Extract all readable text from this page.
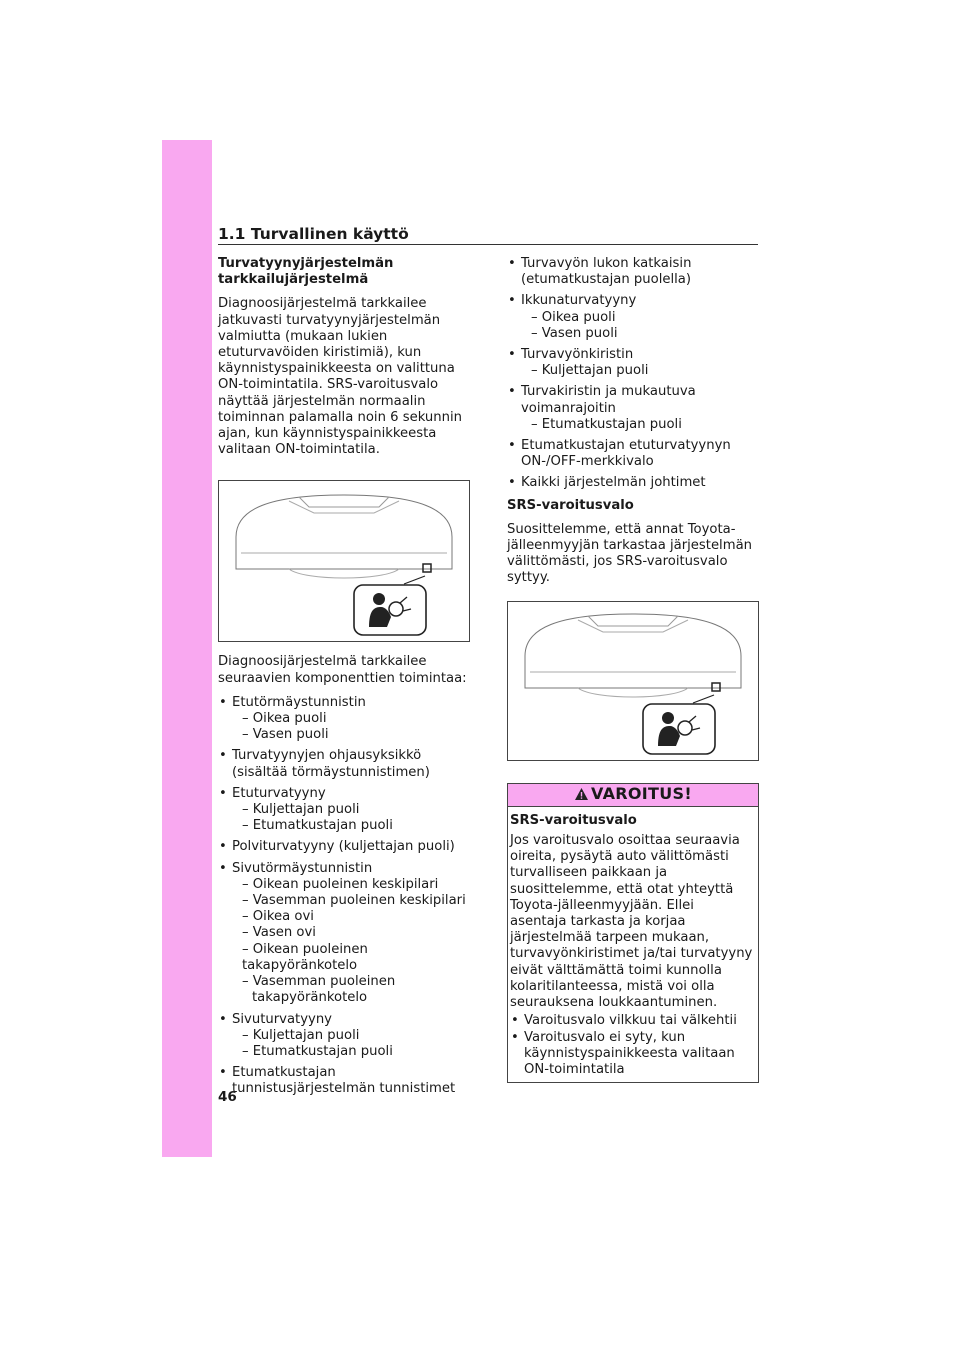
1.1 Turvallinen käyttö
Turvatyynyjärjestelmän tarkkailujärjestelmä
Diagnoosijärjestelmä tarkkailee jatkuvasti turvatyynyjärjestelmän valmiutta (mukaan lukien etuturvavöiden kiristimiä), kun käynnistyspainikkeesta on valittuna ON-toimintatila. SRS-varoitusvalo näyttää järjestelmän normaalin toiminnan palamalla noin 6 sekunnin ajan, kun käynnistyspainikkeesta valitaan ON-toimintatila.
Diagnoosijärjestelmä tarkkailee seuraavien komponenttien toimintaa:
• Etutörmäystunnistin
– Oikea puoli
– Vasen puoli
• Turvatyynyjen ohjausyksikkö (sisältää törmäystunnistimen)
• Etuturvatyyny
– Kuljettajan puoli
– Etumatkustajan puoli
• Polviturvatyyny (kuljettajan puoli)
• Sivutörmäystunnistin
– Oikean puoleinen keskipilari
– Vasemman puoleinen keskipilari
– Oikea ovi
– Vasen ovi
– Oikean puoleinen takapyöränkotelo
– Vasemman puoleinen
takapyöränkotelo
• Sivuturvatyyny
– Kuljettajan puoli
– Etumatkustajan puoli
• Etumatkustajan tunnistusjärjestelmän tunnistimet
• Turvavyön lukon katkaisin (etumatkustajan puolella)
• Ikkunaturvatyyny
– Oikea puoli
– Vasen puoli
• Turvavyönkiristin
– Kuljettajan puoli
• Turvakiristin ja mukautuva voimanrajoitin
– Etumatkustajan puoli
• Etumatkustajan etuturvatyynyn ON-/OFF-merkkivalo
• Kaikki järjestelmän johtimet
SRS-varoitusvalo
Suosittelemme, että annat Toyota-jälleenmyyjän tarkastaa järjestelmän välittömästi, jos SRS-varoitusvalo syttyy.
VAROITUS!
SRS-varoitusvalo
Jos varoitusvalo osoittaa seuraavia oireita, pysäytä auto välittömästi turvalliseen paikkaan ja suosittelemme, että otat yhteyttä Toyota-jälleenmyyjään. Ellei asentaja tarkasta ja korjaa järjestelmää tarpeen mukaan, turvavyönkiristimet ja/tai turvatyyny eivät välttämättä toimi kunnolla kolaritilanteessa, mistä voi olla seurauksena loukkaantuminen.
• Varoitusvalo vilkkuu tai välkehtii
• Varoitusvalo ei syty, kun käynnistyspainikkeesta valitaan ON-toimintatila
46
